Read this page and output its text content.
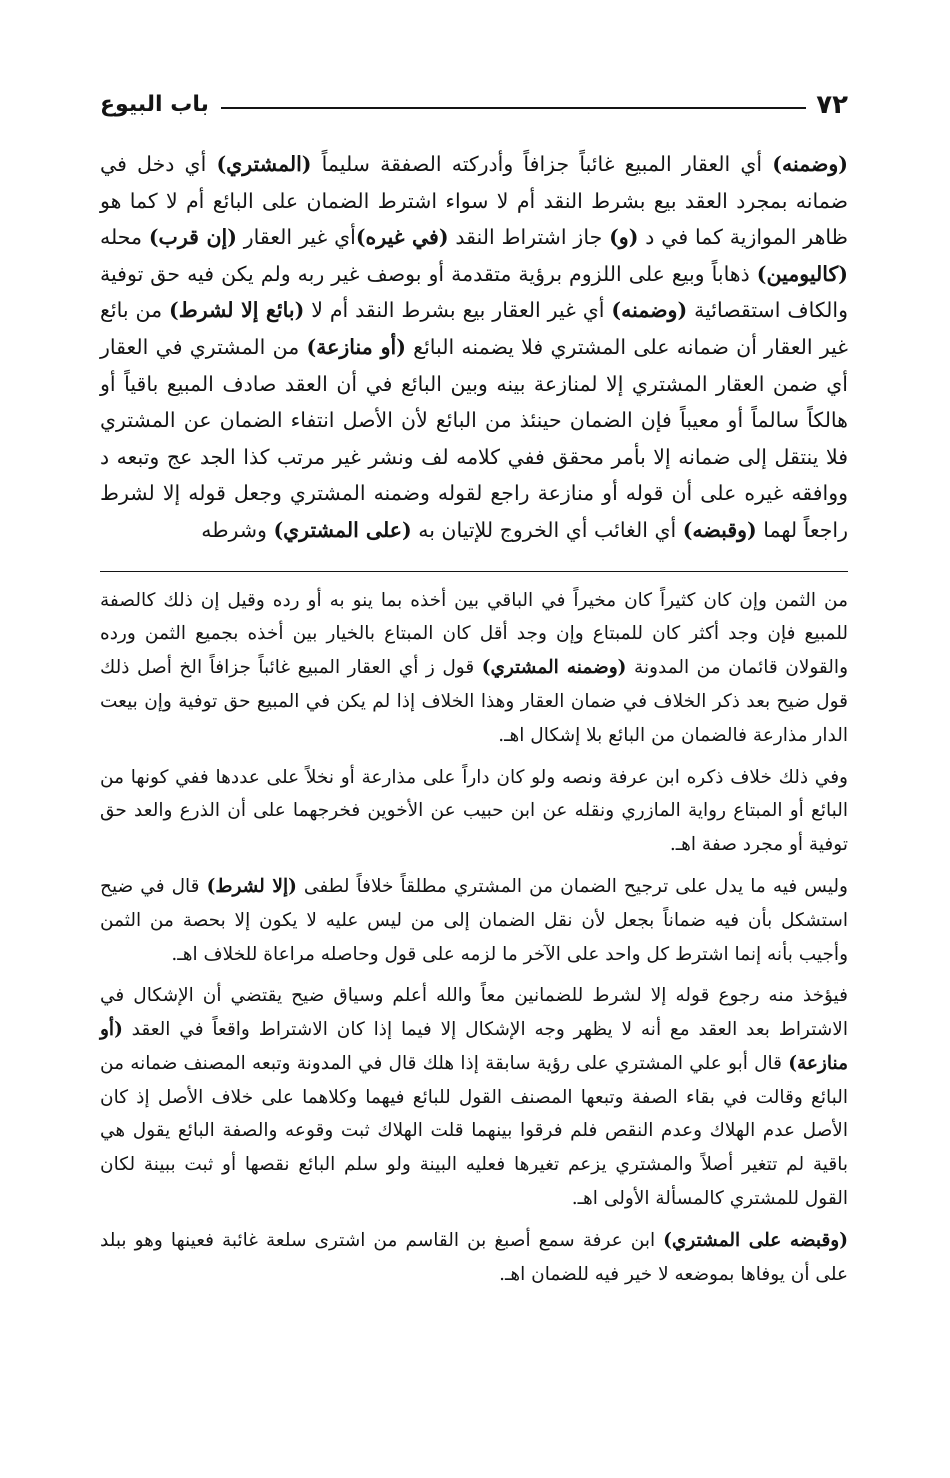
٧٢
باب البيوع

(وضمنه) أي العقار المبيع غائباً جزافاً وأدركته الصفقة سليماً (المشتري) أي دخل في ضمانه بمجرد العقد بيع بشرط النقد أم لا سواء اشترط الضمان على البائع أم لا كما هو ظاهر الموازية كما في د (و) جاز اشتراط النقد (في غيره)أي غير العقار (إن قرب) محله (كاليومين) ذهاباً وبيع على اللزوم برؤية متقدمة أو بوصف غير ربه ولم يكن فيه حق توفية والكاف استقصائية (وضمنه) أي غير العقار بيع بشرط النقد أم لا (بائع إلا لشرط) من بائع غير العقار أن ضمانه على المشتري فلا يضمنه البائع (أو منازعة) من المشتري في العقار أي ضمن العقار المشتري إلا لمنازعة بينه وبين البائع في أن العقد صادف المبيع باقياً أو هالكاً سالماً أو معيباً فإن الضمان حينئذ من البائع لأن الأصل انتفاء الضمان عن المشتري فلا ينتقل إلى ضمانه إلا بأمر محقق ففي كلامه لف ونشر غير مرتب كذا الجد عج وتبعه د ووافقه غيره على أن قوله أو منازعة راجع لقوله وضمنه المشتري وجعل قوله إلا لشرط راجعاً لهما (وقبضه) أي الغائب أي الخروج للإتيان به (على المشتري) وشرطه

من الثمن وإن كان كثيراً كان مخيراً في الباقي بين أخذه بما ينو به أو رده وقيل إن ذلك كالصفة للمبيع فإن وجد أكثر كان للمبتاع وإن وجد أقل كان المبتاع بالخيار بين أخذه بجميع الثمن ورده والقولان قائمان من المدونة (وضمنه المشتري) قول ز أي العقار المبيع غائباً جزافاً الخ أصل ذلك قول ضيح بعد ذكر الخلاف في ضمان العقار وهذا الخلاف إذا لم يكن في المبيع حق توفية وإن بيعت الدار مذارعة فالضمان من البائع بلا إشكال اهـ.

وفي ذلك خلاف ذكره ابن عرفة ونصه ولو كان داراً على مذارعة أو نخلاً على عددها ففي كونها من البائع أو المبتاع رواية المازري ونقله عن ابن حبيب عن الأخوين فخرجهما على أن الذرع والعد حق توفية أو مجرد صفة اهـ.

وليس فيه ما يدل على ترجيح الضمان من المشتري مطلقاً خلافاً لطفى (إلا لشرط) قال في ضيح استشكل بأن فيه ضماناً بجعل لأن نقل الضمان إلى من ليس عليه لا يكون إلا بحصة من الثمن وأجيب بأنه إنما اشترط كل واحد على الآخر ما لزمه على قول وحاصله مراعاة للخلاف اهـ.

فيؤخذ منه رجوع قوله إلا لشرط للضمانين معاً والله أعلم وسياق ضيح يقتضي أن الإشكال في الاشتراط بعد العقد مع أنه لا يظهر وجه الإشكال إلا فيما إذا كان الاشتراط واقعاً في العقد (أو منازعة) قال أبو علي المشتري على رؤية سابقة إذا هلك قال في المدونة وتبعه المصنف ضمانه من البائع وقالت في بقاء الصفة وتبعها المصنف القول للبائع فيهما وكلاهما على خلاف الأصل إذ كان الأصل عدم الهلاك وعدم النقص فلم فرقوا بينهما قلت الهلاك ثبت وقوعه والصفة البائع يقول هي باقية لم تتغير أصلاً والمشتري يزعم تغيرها فعليه البينة ولو سلم البائع نقصها أو ثبت ببينة لكان القول للمشتري كالمسألة الأولى اهـ.

(وقبضه على المشتري) ابن عرفة سمع أصبغ بن القاسم من اشترى سلعة غائبة فعينها وهو ببلد على أن يوفاها بموضعه لا خير فيه للضمان اهـ.
